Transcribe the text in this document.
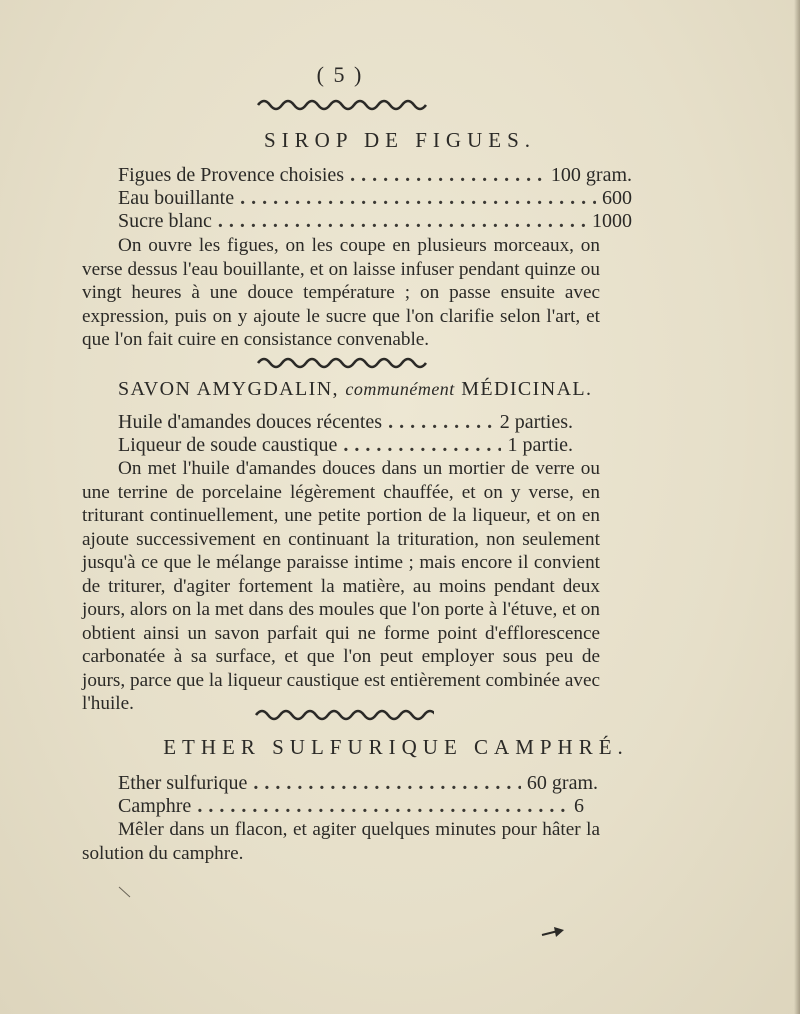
( 5 )
SIROP DE FIGUES.
Figues de Provence choisies .....	100 gram.
Eau bouillante .....	600
Sucre blanc .....	1000
On ouvre les figues, on les coupe en plusieurs morceaux, on verse dessus l'eau bouillante, et on laisse infuser pendant quinze ou vingt heures à une douce température ; on passe ensuite avec expression, puis on y ajoute le sucre que l'on clarifie selon l'art, et que l'on fait cuire en consistance convenable.
SAVON AMYGDALIN, communément MÉDICINAL.
Huile d'amandes douces récentes .....	2 parties.
Liqueur de soude caustique .....	1 partie.
On met l'huile d'amandes douces dans un mortier de verre ou une terrine de porcelaine légèrement chauffée, et on y verse, en triturant continuellement, une petite portion de la liqueur, et on en ajoute successivement en continuant la trituration, non seulement jusqu'à ce que le mélange paraisse intime ; mais encore il convient de triturer, d'agiter fortement la matière, au moins pendant deux jours, alors on la met dans des moules que l'on porte à l'étuve, et on obtient ainsi un savon parfait qui ne forme point d'efflorescence carbonatée à sa surface, et que l'on peut employer sous peu de jours, parce que la liqueur caustique est entièrement combinée avec l'huile.
ETHER SULFURIQUE CAMPHRÉ.
Ether sulfurique .....	60 gram.
Camphre .....	6
Mêler dans un flacon, et agiter quelques minutes pour hâter la solution du camphre.
